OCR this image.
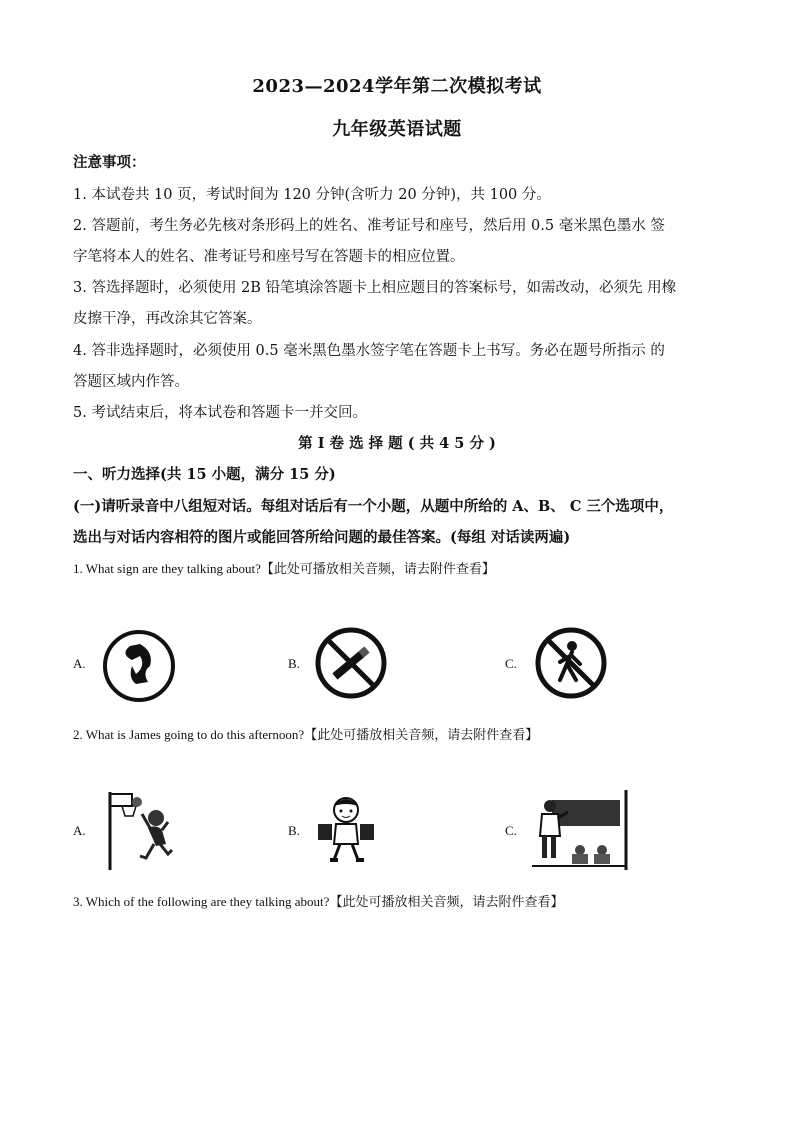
2023—2024学年第二次模拟考试
九年级英语试题
注意事项：
1. 本试卷共 10 页，考试时间为 120 分钟(含听力 20 分钟)，共 100 分。
2. 答题前，考生务必先核对条形码上的姓名、准考证号和座号，然后用 0.5 毫米黑色墨水 签
字笔将本人的姓名、准考证号和座号写在答题卡的相应位置。
3. 答选择题时，必须使用 2B 铅笔填涂答题卡上相应题目的答案标号，如需改动，必须先 用橡
皮擦干净，再改涂其它答案。
4. 答非选择题时，必须使用 0.5 毫米黑色墨水签字笔在答题卡上书写。务必在题号所指示 的
答题区域内作答。
5. 考试结束后，将本试卷和答题卡一并交回。
第 I 卷 选 择 题 ( 共 4 5 分 )
一、听力选择(共 15 小题，满分 15 分)
(一)请听录音中八组短对话。每组对话后有一个小题，从题中所给的 A、B、 C 三个选项中，
选出与对话内容相符的图片或能回答所给问题的最佳答案。(每组 对话读两遍)
1. What sign are they talking about?【此处可播放相关音频，请去附件查看】
A.	B.	C.
2. What is James going to do this afternoon?【此处可播放相关音频，请去附件查看】
A.	B.	C.
3. Which of the following are they talking about?【此处可播放相关音频，请去附件查看】
